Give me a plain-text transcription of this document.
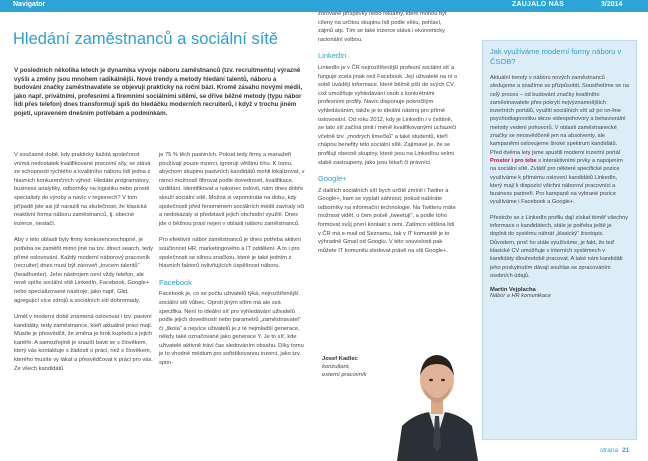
Navigator	ZAUJALO NÁS	3/2014
Hledání zaměstnanců a sociální sítě
V posledních několika letech je dynamika vývoje náboru zaměstnanců (tzv. recruitmentu) výrazně vyšší a změny jsou mnohem radikálnější. Nové trendy a metody hledání talentů, náboru a budování značky zaměstnavatele se objevují prakticky na roční bázi. Kromě zásahu novými médii, jako např. privátními, profesními a firemními sociálními sítěmi, se dříve běžné metody (typu nábor lidí přes telefon) dnes transformují spíš do hledáčku moderních recruiterů, i když v trochu jiném pojetí, upraveném dnešním potřebám a podmínkám.

V současné době, kdy prakticky každá společnost vnímá nedostatek kvalifikované pracovní síly, se stává ze schopnosti rychlého a kvalitního náboru lidí jedna z hlavních konkurenčních výhod. Hledáte programátory, business analytiky, odborníky na logistiku nebo prostě specialisty do výroby a navíc v regionech? V tom případě jste asi již narazili na skutečnost, že klasická reaktivní forma náboru zaměstnanců, tj. obecné inzerce, nestačí.

Aby v této oblasti byly firmy konkurenceschopné, je potřeba se zaměřit mimo jiné na tzv. direct search, tedy přímé oslovování. Každý moderní náborový pracovník (recruiter) dnes musí být zároveň „lovcem talentů“ (headhunter). Jeho nástrojem není vždy telefon, ale nově spíše sociální sítě LinkedIn, Facebook, Google+ nebo specializované nástroje, jako např. Glid, agregující více zdrojů a sociálních sítí dohromady.

Umět v moderní době znamená oslovovat i tzv. pasivní kandidáty, tedy zaměstnance, kteří aktuálně práci mají. Musíte je přesvědčit, že změna je krok kupředu a jejich kariéře. A samozřejmě je snazší bavit se s člověkem, který vás kontaktuje s žádostí o práci, než s člověkem, kterého musíte vy lákat a přesvědčovat k práci pro vás. Ze všech kandidátů

je 75 % těch pasivních. Pokud tedy firmy a manažeři používají pouze inzerci, ignorují většinu trhu. K tomu, abychom skupinu pasivních kandidátů mohli lokalizovat, v rámci možností filtrovat podle dovedností, kvalifikace, vzdělání, identifikovat a nakonec oslovit, nám dnes dobře slouží sociální sítě. Možná si vzpomínáte na dobu, kdy společnosti před fenoménem sociálních médií zavíraly oči a nedokázaly si představit jejich obchodní využití. Dnes jde o běžnou praxi nejen v oblasti náboru zaměstnanců.

Pro efektivní nábor zaměstnanců je dnes potřeba aktivní součinnost HR, marketingového a IT oddělení. A to i pro společnosti se silnou značkou, které je také jedním z hlavních faktorů ovlivňujících úspěšnost náboru.

Facebook

Facebook je, co se počtu uživatelů týká, nejrozšířenější sociální sítí vůbec. Oproti jiným sítím má ale svá specifika. Není to ideální síť pro vyhledávání uživatelů podle jejich dovedností nebo parametrů „zaměstnavatel“ či „škola“ a nejvíce uživatelů je z té nejmladší generace, někdy také označované jako generace Y. Je to síť, kde uživatelé aktivně tráví čas sledováním obsahu. Díky tomu je to vhodné médium pro sofistikovanou inzerci, jako tzv. spon-

zorované příspěvky nebo reklamy, které mohou být cíleny na určitou skupinu lidí podle věku, pohlaví, zájmů atp. Tím se také inzerce stává i ekonomicky racionální volbou.

LinkedIn

LinkedIn je v ČR nejrozšířenější profesní sociální síť a funguje zcela jinak než Facebook. Její uživatelé na ní o sobě uvádějí informace, které běžně píší do svých CV, což umožňuje vyhledávání osob s konkrétními profesními profily. Navíc disponuje pokročilým vyhledáváním, takže je to ideální nástroj pro přímé oslovování. Od roku 2012, kdy je LinkedIn i v češtině, se tato síť začíná plnit i méně kvalifikovanými uchazeči včetně tzv. „modrých límečků“ a také studentů, kteří chápou benefity této sociální sítě. Zajímavé je, že se profilují obecně skupiny, které jsou na LinkedInu velmi slabě zastoupeny, jako jsou lékaři či právníci.

Google+

Z dalších sociálních sítí bych určitě zmínil i Twitter a Google+, kam se vyplatí sáhnout, pokud nabíráte odborníky na informační technologie. Na Twitteru máte možnost vidět, o čem právě „tweetují“, a podle toho formovat svůj první kontakt s nimi. Zatímco většina lidí v ČR má e-mail od Seznamu, tak v IT komunitě je to výhradně Gmail od Googlu. V této souvislosti pak můžete IT komunitu sledovat právě na síti Google+.

Josef Kadlec
konzultant,
externí pracovník
Jak využíváme moderní formy náboru v ČSOB?

Aktuální trendy v náboru nových zaměstnanců sledujeme a snažíme se přizpůsobit. Soustředíme se na celý proces – od budování značky kvalitního zaměstnavatele přes pokrytí nejvýznamnějších inzertních portálů, využití sociálních sítí až po on-line psychodiagnostiku skrze videopohovory a behaviorální metody vedení pohovorů. V oblasti zaměstnanecké značky se neosvědčeně jen na absolventy, ale kampaněmi oslovujeme široké spektrum kandidátů. Před dvěma lety jsme spustili moderní inzertní portál Prostor i pro tebe s interaktivními prvky a napojením na sociální sítě. Zvlášť pro některé specifické pozice využíváme k přímému oslovení kandidátů LinkedIn, který mají k dispozici všichni náboroví pracovníci a business partneři. Pro kampaně na vybrané pozice využíváme i Facebook a Google+.

Přestože se z LinkedIn profilu dají získat téměř všechny informace o kandidátech, stále je potřeba ještě je doplnit do systému náhrát „klasický“ životopis. Důvodem, proč ho stále využíváme, je fakt, že teď klasické CV umožňuje v interních systémech v kandidáty dlouhodobě pracovat. A také nám kandidáti jeho poskytnutím dávají souhlas se zpracováním osobních údajů.

Martin Vejplacha
Nábor a HR komunikace
strana 21
